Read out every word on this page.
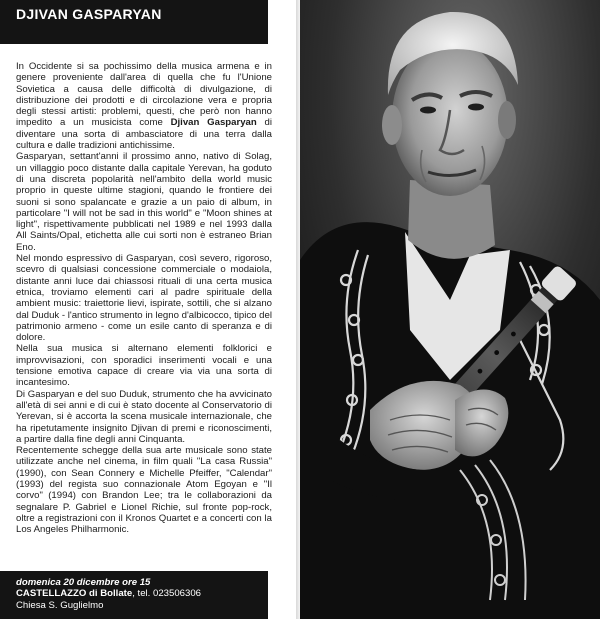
DJIVAN GASPARYAN

In Occidente si sa pochissimo della musica armena e in genere proveniente dall'area di quella che fu l'Unione Sovietica a causa delle difficoltà di divulgazione, di distribuzione dei prodotti e di circolazione vera e propria degli stessi artisti: problemi, questi, che però non hanno impedito a un musicista come Djivan Gasparyan di diventare una sorta di ambasciatore di una terra dalla cultura e dalle tradizioni antichissime.

Gasparyan, settant'anni il prossimo anno, nativo di Solag, un villaggio poco distante dalla capitale Yerevan, ha goduto di una discreta popolarità nell'ambito della world music proprio in queste ultime stagioni, quando le frontiere dei suoni si sono spalancate e grazie a un paio di album, in particolare "I will not be sad in this world" e "Moon shines at light", rispettivamente pubblicati nel 1989 e nel 1993 dalla All Saints/Opal, etichetta alle cui sorti non è estraneo Brian Eno.

Nel mondo espressivo di Gasparyan, così severo, rigoroso, scevro di qualsiasi concessione commerciale o modaiola, distante anni luce dai chiassosi rituali di una certa musica etnica, troviamo elementi cari al padre spirituale della ambient music: traiettorie lievi, ispirate, sottili, che si alzano dal Duduk - l'antico strumento in legno d'albicocco, tipico del patrimonio armeno - come un esile canto di speranza e di dolore.

Nella sua musica si alternano elementi folklorici e improvvisazioni, con sporadici inserimenti vocali e una tensione emotiva capace di creare via via una sorta di incantesimo.

Di Gasparyan e del suo Duduk, strumento che ha avvicinato all'età di sei anni e di cui è stato docente al Conservatorio di Yerevan, si è accorta la scena musicale internazionale, che ha ripetutamente insignito Djivan di premi e riconoscimenti, a partire dalla fine degli anni Cinquanta.

Recentemente schegge della sua arte musicale sono state utilizzate anche nel cinema, in film quali "La casa Russia" (1990), con Sean Connery e Michelle Pfeiffer, "Calendar" (1993) del regista suo connazionale Atom Egoyan e "Il corvo" (1994) con Brandon Lee; tra le collaborazioni da segnalare P. Gabriel e Lionel Richie, sul fronte pop-rock, oltre a registrazioni con il Kronos Quartet e a concerti con la Los Angeles Philharmonic.

domenica 20 dicembre ore 15
CASTELLAZZO di Bollate, tel. 023506306
Chiesa S. Guglielmo
